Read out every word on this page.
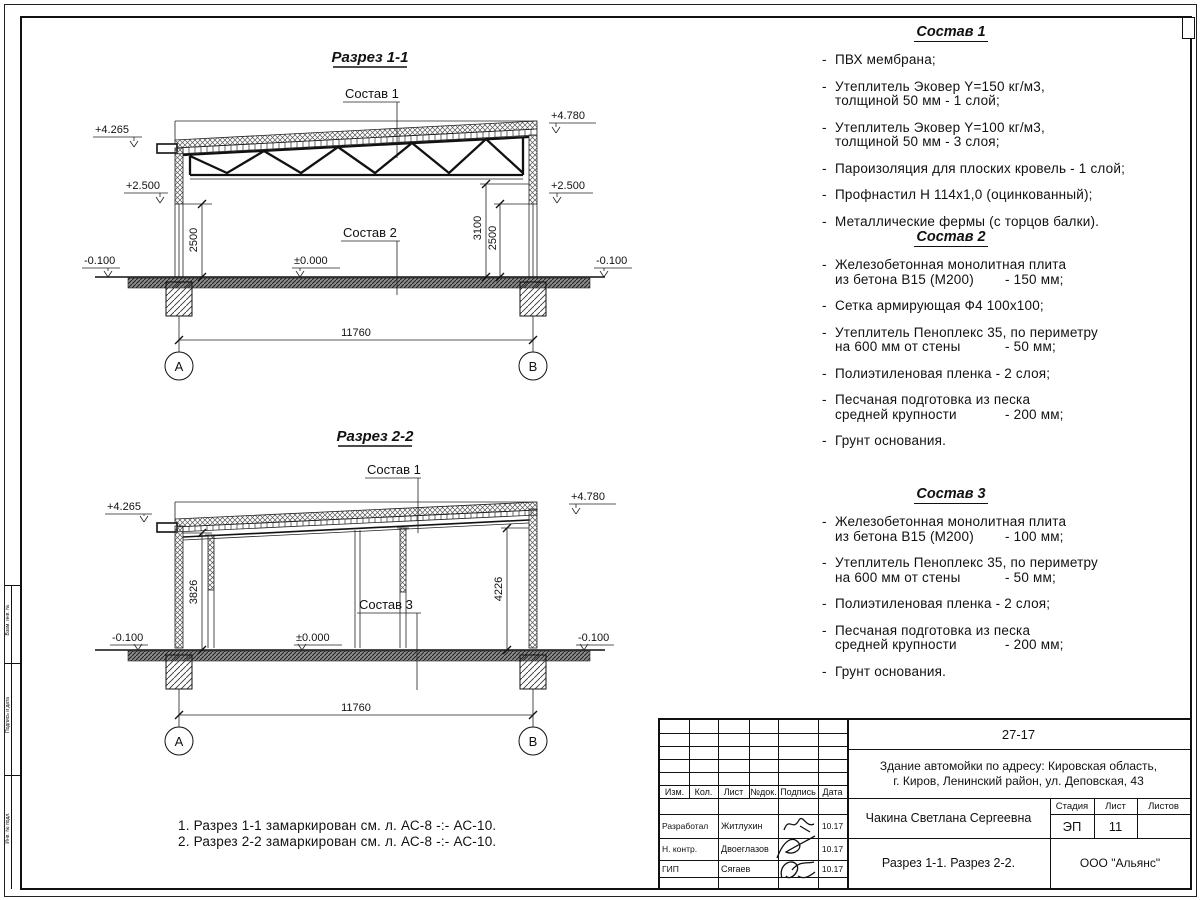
Взам. инв. №
Подпись и дата
Инв. № подл.
Разрез 1-1
11760
А	В
2500	3100 2500
+4.265
+4.780
+2.500	+2.500
±0.000
-0.100	-0.100
Состав 1
Состав 2
Разрез 2-2
11760
А	В
3826	4226
+4.265
+4.780
±0.000
-0.100	-0.100
Состав 1
Состав 3
Состав 1
- ПВХ мембрана;
- Утеплитель Эковер Y=150 кг/м3,
толщиной 50 мм - 1 слой;
- Утеплитель Эковер Y=100 кг/м3,
толщиной 50 мм - 3 слоя;
- Пароизоляция для плоских кровель - 1 слой;
- Профнастил Н 114х1,0 (оцинкованный);
- Металлические фермы (с торцов балки).
Состав 2
- Железобетонная монолитная плита
из бетона В15 (М200) - 150 мм;
- Сетка армирующая Ф4 100х100;
- Утеплитель Пеноплекс 35, по периметру
на 600 мм от стены	- 50 мм;
- Полиэтиленовая пленка - 2 слоя;
- Песчаная подготовка из песка
средней крупности	- 200 мм;
- Грунт основания.
Состав 3
- Железобетонная монолитная плита
из бетона В15 (М200) - 100 мм;
- Утеплитель Пеноплекс 35, по периметру
на 600 мм от стены	- 50 мм;
- Полиэтиленовая пленка - 2 слоя;
- Песчаная подготовка из песка
средней крупности	- 200 мм;
- Грунт основания.
1. Разрез 1-1 замаркирован см. л. АС-8 -:- АС-10.
2. Разрез 2-2 замаркирован см. л. АС-8 -:- АС-10.
Изм.	Кол.	Лист №док. Подпись Дата
Разработал	Житлухин	10.17
Н. контр.	Двоеглазов	10.17
ГИП	Сягаев	10.17
27-17
Здание автомойки по адресу: Кировская область,
г. Киров, Ленинский район, ул. Деповская, 43
Чакина Светлана Сергеевна
Стадия	Лист	Листов
ЭП	11
Разрез 1-1. Разрез 2-2.	ООО "Альянс"
